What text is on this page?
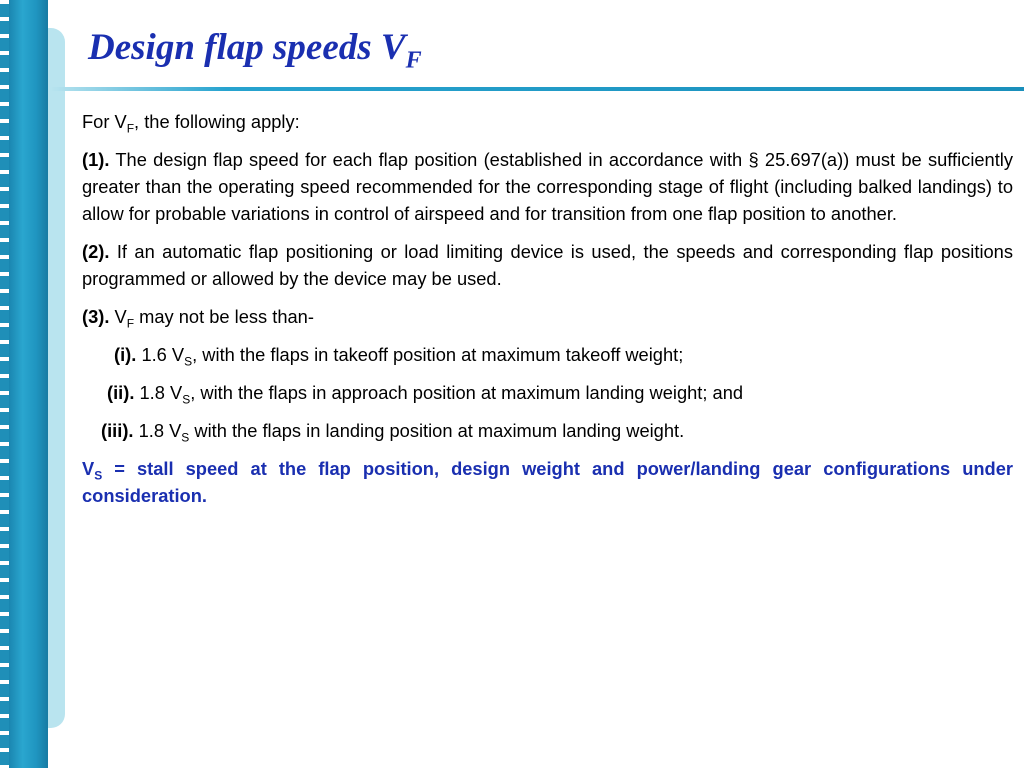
Design flap speeds $V_F$

For $V_F$, the following apply:

(1). The design flap speed for each flap position (established in accordance with § 25.697(a)) must be sufficiently greater than the operating speed recommended for the corresponding stage of flight (including balked landings) to allow for probable variations in control of airspeed and for transition from one flap position to another.

(2). If an automatic flap positioning or load limiting device is used, the speeds and corresponding flap positions programmed or allowed by the device may be used.

(3). $V_F$ may not be less than-

(i). 1.6 $V_S$, with the flaps in takeoff position at maximum takeoff weight;

(ii). 1.8 $V_S$, with the flaps in approach position at maximum landing weight; and

(iii). 1.8 $V_S$ with the flaps in landing position at maximum landing weight.

$V_S$ = stall speed at the flap position, design weight and power/landing gear configurations under consideration.
